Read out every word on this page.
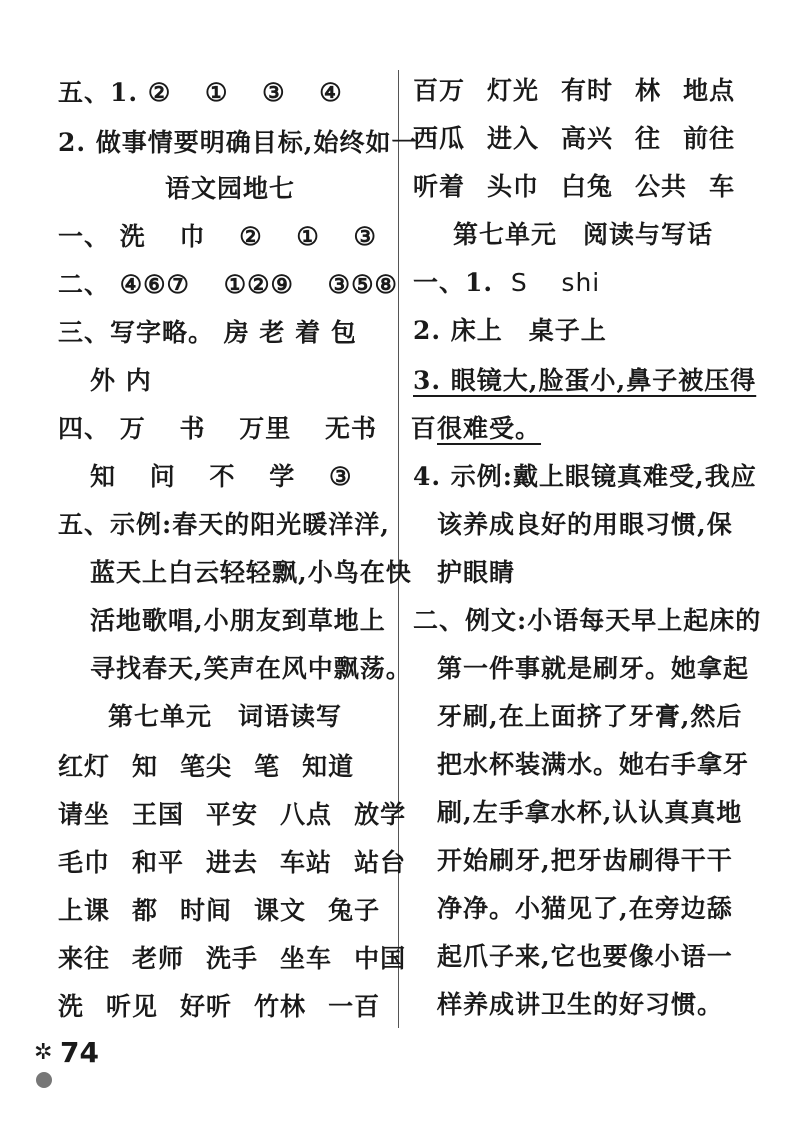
五、1. ② ① ③ ④
2. 做事情要明确目标,始终如一
语文园地七
一、 洗 巾 ② ① ③
二、 ④⑥⑦ ①②⑨ ③⑤⑧
三、写字略。 房 老 着 包
外 内
四、 万 书 万里 无书 百
知 问 不 学 ③
五、示例:春天的阳光暖洋洋,
蓝天上白云轻轻飘,小鸟在快
活地歌唱,小朋友到草地上
寻找春天,笑声在风中飘荡。
第七单元　词语读写
红灯 知 笔尖 笔 知道
请坐 王国 平安 八点 放学
毛巾 和平 进去 车站 站台
上课 都 时间 课文 兔子
来往 老师 洗手 坐车 中国
洗 听见 好听 竹林 一百
百万 灯光 有时 林 地点
西瓜 进入 高兴 往 前往
听着 头巾 白兔 公共 车
第七单元　阅读与写话
一、1. S shi
2. 床上　桌子上
3. 眼镜大,脸蛋小,鼻子被压得
很难受。
4. 示例:戴上眼镜真难受,我应
该养成良好的用眼习惯,保
护眼睛
二、例文:小语每天早上起床的
第一件事就是刷牙。她拿起
牙刷,在上面挤了牙膏,然后
把水杯装满水。她右手拿牙
刷,左手拿水杯,认认真真地
开始刷牙,把牙齿刷得干干
净净。小猫见了,在旁边舔
起爪子来,它也要像小语一
样养成讲卫生的好习惯。
✲ 74
